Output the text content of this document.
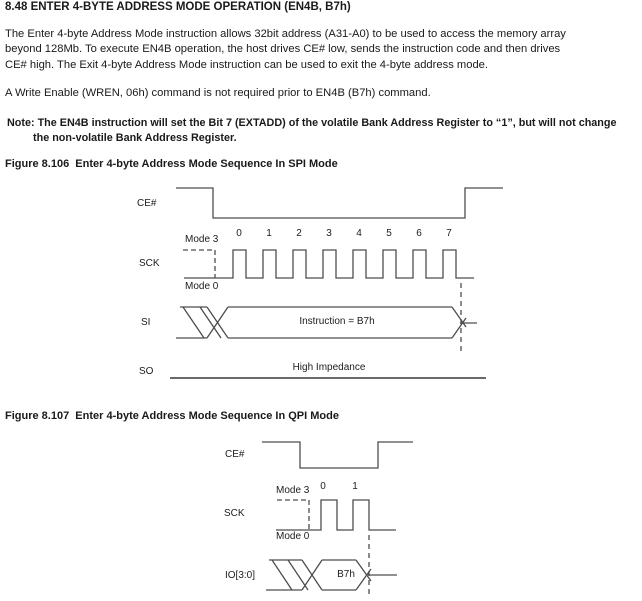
8.48 ENTER 4-BYTE ADDRESS MODE OPERATION (EN4B, B7h)
The Enter 4-byte Address Mode instruction allows 32bit address (A31-A0) to be used to access the memory array
beyond 128Mb. To execute EN4B operation, the host drives CE# low, sends the instruction code and then drives
CE# high. The Exit 4-byte Address Mode instruction can be used to exit the 4-byte address mode.
A Write Enable (WREN, 06h) command is not required prior to EN4B (B7h) command.
Note: The EN4B instruction will set the Bit 7 (EXTADD) of the volatile Bank Address Register to “1”, but will not change
the non-volatile Bank Address Register.
Figure 8.106  Enter 4-byte Address Mode Sequence In SPI Mode
CE#
Mode 3
0	1	2	3	4	5	6	7
SCK
Mode 0
SI	Instruction = B7h
SO	High Impedance
Figure 8.107  Enter 4-byte Address Mode Sequence In QPI Mode
CE#
Mode 3	0	1
SCK
Mode 0
IO[3:0]	B7h
